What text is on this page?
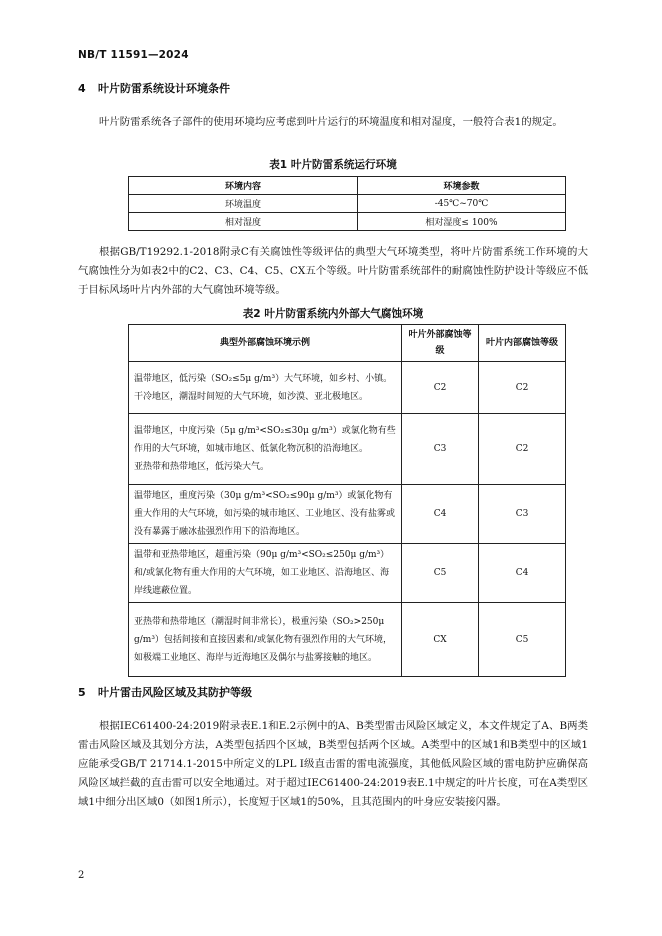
NB/T 11591—2024
4 叶片防雷系统设计环境条件

叶片防雷系统各子部件的使用环境均应考虑到叶片运行的环境温度和相对湿度，一般符合表1的规定。

表1 叶片防雷系统运行环境
环境内容	环境参数
环境温度	-45℃~70℃
相对湿度	相对湿度≤ 100%

根据GB/T19292.1-2018附录C有关腐蚀性等级评估的典型大气环境类型，将叶片防雷系统工作环境的大气腐蚀性分为如表2中的C2、C3、C4、C5、CX五个等级。叶片防雷系统部件的耐腐蚀性防护设计等级应不低于目标风场叶片内外部的大气腐蚀环境等级。

表2 叶片防雷系统内外部大气腐蚀环境
典型外部腐蚀环境示例	叶片外部腐蚀等级	叶片内部腐蚀等级

温带地区，低污染（SO₂≤5μ g/m³）大气环境，如乡村、小镇。
干冷地区，潮湿时间短的大气环境，如沙漠、亚北极地区。	C2	C2

温带地区，中度污染（5μ g/m³<SO₂≤30μ g/m³）或氯化物有些作用的大气环境，如城市地区、低氯化物沉积的沿海地区。
亚热带和热带地区，低污染大气。	C3	C2

温带地区，重度污染（30μ g/m³<SO₂≤90μ g/m³）或氯化物有重大作用的大气环境，如污染的城市地区、工业地区、没有盐雾或没有暴露于融冰盐强烈作用下的沿海地区。	C4	C3

温带和亚热带地区，超重污染（90μ g/m³<SO₂≤250μ g/m³）和/或氯化物有重大作用的大气环境，如工业地区、沿海地区、海岸线遮蔽位置。	C5	C4

亚热带和热带地区（潮湿时间非常长），极重污染（SO₂>250μ g/m³）包括间接和直接因素和/或氯化物有强烈作用的大气环境，如极端工业地区、海岸与近海地区及偶尔与盐雾接触的地区。	CX	C5
5 叶片雷击风险区域及其防护等级

根据IEC61400-24:2019附录表E.1和E.2示例中的A、B类型雷击风险区域定义，本文件规定了A、B两类雷击风险区域及其划分方法，A类型包括四个区域，B类型包括两个区域。A类型中的区域1和B类型中的区域1应能承受GB/T 21714.1-2015中所定义的LPL Ⅰ级直击雷的雷电流强度，其他低风险区域的雷电防护应确保高风险区域拦截的直击雷可以安全地通过。对于超过IEC61400-24:2019表E.1中规定的叶片长度，可在A类型区域1中细分出区域0（如图1所示），长度短于区域1的50%，且其范围内的叶身应安装接闪器。

2
